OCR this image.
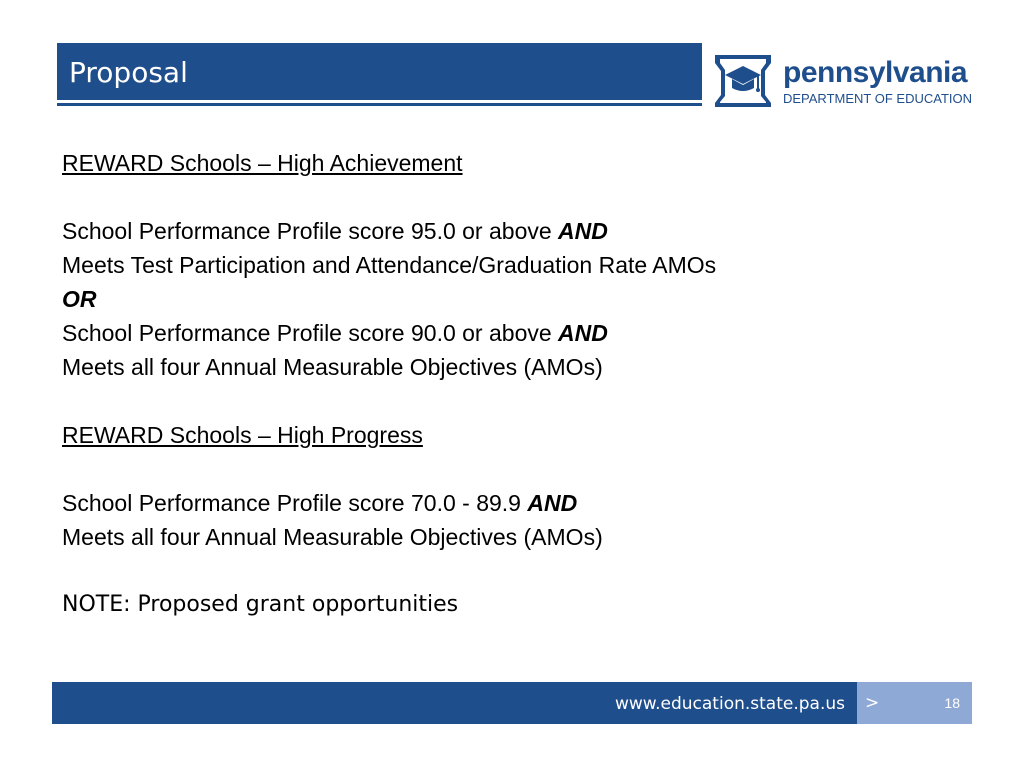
Proposal	pennsylvania
DEPARTMENT OF EDUCATION
REWARD Schools – High Achievement
School Performance Profile score 95.0 or above AND
Meets Test Participation and Attendance/Graduation Rate AMOs
OR
School Performance Profile score 90.0 or above AND
Meets all four Annual Measurable Objectives (AMOs)
REWARD Schools – High Progress
School Performance Profile score 70.0 - 89.9 AND
Meets all four Annual Measurable Objectives (AMOs)
NOTE: Proposed grant opportunities
www.education.state.pa.us >	18
